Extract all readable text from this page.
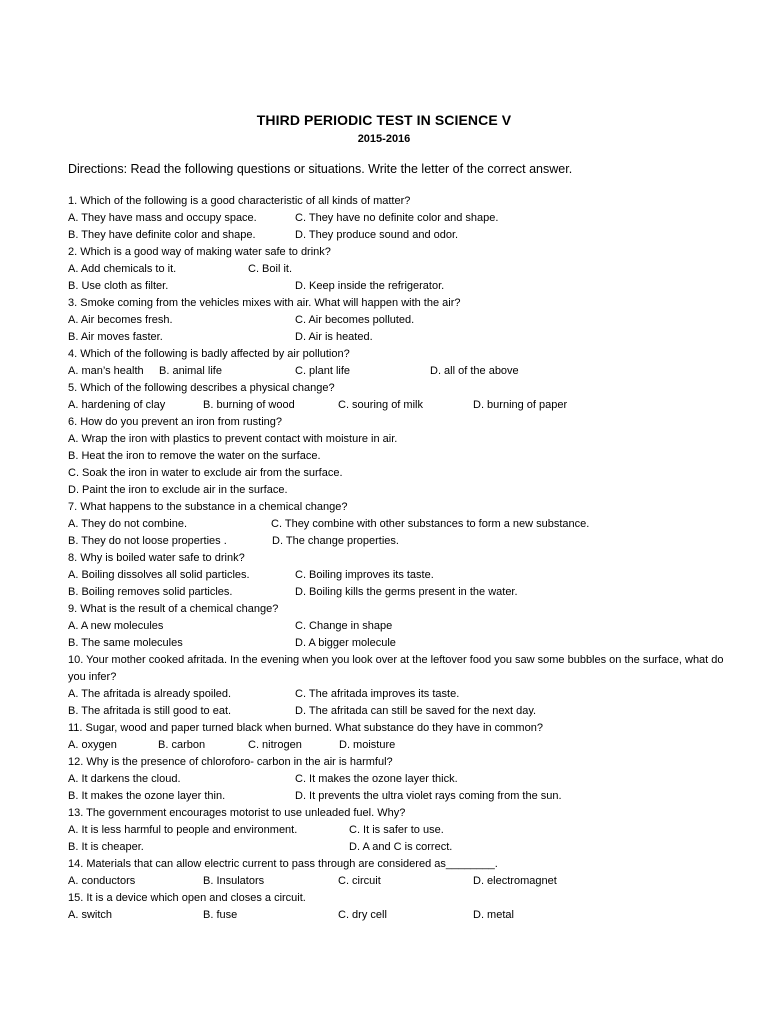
THIRD PERIODIC TEST IN SCIENCE V
2015-2016
Directions: Read the following questions or situations. Write the letter of the correct answer.
1. Which of the following is a good characteristic of all kinds of matter?
A. They have mass and occupy space.	C. They have no definite color and shape.
B. They have definite color and shape.	D. They produce sound and odor.
2. Which is a good way of making water safe to drink?
A. Add chemicals to it.	C. Boil it.
B. Use cloth as filter.	D. Keep inside the refrigerator.
3. Smoke coming from the vehicles mixes with air. What will happen with the air?
A. Air becomes fresh.	C. Air becomes polluted.
B. Air moves faster.	D. Air is heated.
4. Which of the following is badly affected by air pollution?
A. man’s health B. animal life	C. plant life	D. all of the above
5. Which of the following describes a physical change?
A. hardening of clay	B. burning of wood	C. souring of milk	D. burning of paper
6. How do you prevent an iron from rusting?
A. Wrap the iron with plastics to prevent contact with moisture in air.
B. Heat the iron to remove the water on the surface.
C. Soak the iron in water to exclude air from the surface.
D. Paint the iron to exclude air in the surface.
7. What happens to the substance in a chemical change?
A. They do not combine.	C. They combine with other substances to form a new substance.
B. They do not loose properties .	D. The change properties.
8. Why is boiled water safe to drink?
A. Boiling dissolves all solid particles.	C. Boiling improves its taste.
B. Boiling removes solid particles.	D. Boiling kills the germs present in the water.
9. What is the result of a chemical change?
A. A new molecules	C. Change in shape
B. The same molecules	D. A bigger molecule
10. Your mother cooked afritada. In the evening when you look over at the leftover food you saw some bubbles on the surface, what do you infer?
A. The afritada is already spoiled.	C. The afritada improves its taste.
B. The afritada is still good to eat.	D. The afritada can still be saved for the next day.
11. Sugar, wood and paper turned black when burned. What substance do they have in common?
A. oxygen	B. carbon	C. nitrogen	D. moisture
12. Why is the presence of chloroforo- carbon in the air is harmful?
A. It darkens the cloud.	C. It makes the ozone layer thick.
B. It makes the ozone layer thin.	D. It prevents the ultra violet rays coming from the sun.
13. The government encourages motorist to use unleaded fuel. Why?
A. It is less harmful to people and environment.	C. It is safer to use.
B. It is cheaper.	D. A and C is correct.
14. Materials that can allow electric current to pass through are considered as________.
A. conductors	B. Insulators	C. circuit	D. electromagnet
15. It is a device which open and closes a circuit.
A. switch	B. fuse	C. dry cell	D. metal
